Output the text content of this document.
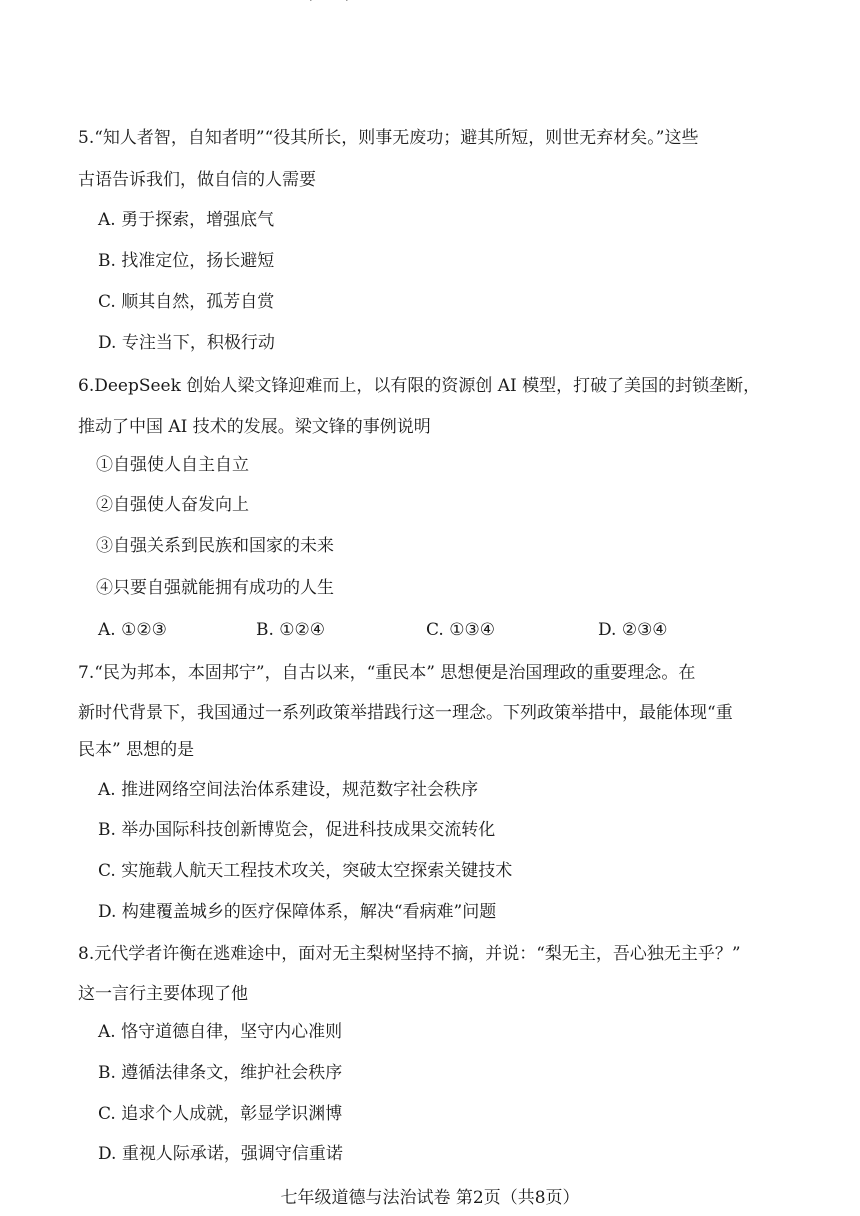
5.“知人者智，自知者明”“役其所长，则事无废功；避其所短，则世无弃材矣。”这些
古语告诉我们，做自信的人需要
A. 勇于探索，增强底气
B. 找准定位，扬长避短
C. 顺其自然，孤芳自赏
D. 专注当下，积极行动
6.DeepSeek 创始人梁文锋迎难而上，以有限的资源创 AI 模型，打破了美国的封锁垄断，
推动了中国 AI 技术的发展。梁文锋的事例说明
①自强使人自主自立
②自强使人奋发向上
③自强关系到民族和国家的未来
④只要自强就能拥有成功的人生
A. ①②③	B. ①②④	C. ①③④	D. ②③④
7.“民为邦本，本固邦宁”，自古以来，“重民本” 思想便是治国理政的重要理念。在
新时代背景下，我国通过一系列政策举措践行这一理念。下列政策举措中，最能体现“重
民本” 思想的是
A. 推进网络空间法治体系建设，规范数字社会秩序
B. 举办国际科技创新博览会，促进科技成果交流转化
C. 实施载人航天工程技术攻关，突破太空探索关键技术
D. 构建覆盖城乡的医疗保障体系，解决“看病难”问题
8.元代学者许衡在逃难途中，面对无主梨树坚持不摘，并说：“梨无主，吾心独无主乎？”
这一言行主要体现了他
A. 恪守道德自律，坚守内心准则
B. 遵循法律条文，维护社会秩序
C. 追求个人成就，彰显学识渊博
D. 重视人际承诺，强调守信重诺
七年级道德与法治试卷 第2页（共8页）
